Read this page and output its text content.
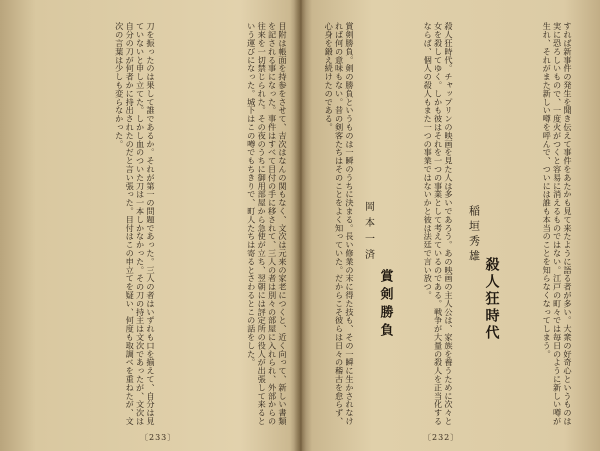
目附は帳面を持参をさせて、吉次はなんの関もなく、文次は元来の家老につくと、近く向って、新しい書類を記される事になった。事件はすべて目付の手に移されて、三人の者は別々の部屋に入れられ、外部からの往来を一切禁じられた。その夜のうちに御用部屋から急使が立ち、翌朝には評定所の役人が出張して来るという運びになった。城下はこの噂でもちきりで、町人たちは寄るとさわるとこの話をした。
刀を振ったのは果して誰であるか。それが第一の問題であった。三人の者はいずれも口を揃えて、自分は見ていないと申し立てた。しかし血のついた刀は一本しかなかった。その刀の持主は文次であったが、文次は自分の刀が何者かに持出されたのだと言い張った。目付はこの申立てを疑い、何度も取調べを重ねたが、文次の言葉は少しも変らなかった。
〔233〕
すれば新事件の発生を聞き伝えて事件をあたかも見て来たように語る者が多い。大衆の好奇心というものは実に恐ろしいもので、一度火がつくと容易に消えるものではない。江戸の町々では毎日のように新しい噂が生れ、それがまた新しい噂を呼んで、ついには誰も本当のことを知らなくなってしまう。
殺人狂時代
稲垣秀雄
殺人狂時代。チャップリンの映画を見た人は多いであろう。あの映画の主人公は、家族を養うために次々と女を殺してゆく。しかも彼はそれを一つの事業として考えているのである。戦争が大量の殺人を正当化するならば、個人の殺人もまた一つの事業ではないかと彼は法廷で言い放つ。
賞剣勝負
岡本一済
賞剣勝負。剣の勝負というものは一瞬のうちに決まる。長い修業の末に得た技も、その一瞬に生かされなければ何の意味もない。昔の剣客たちはそのことをよく知っていた。だからこそ彼らは日々の稽古を怠らず、心身を鍛え続けたのである。
〔232〕
